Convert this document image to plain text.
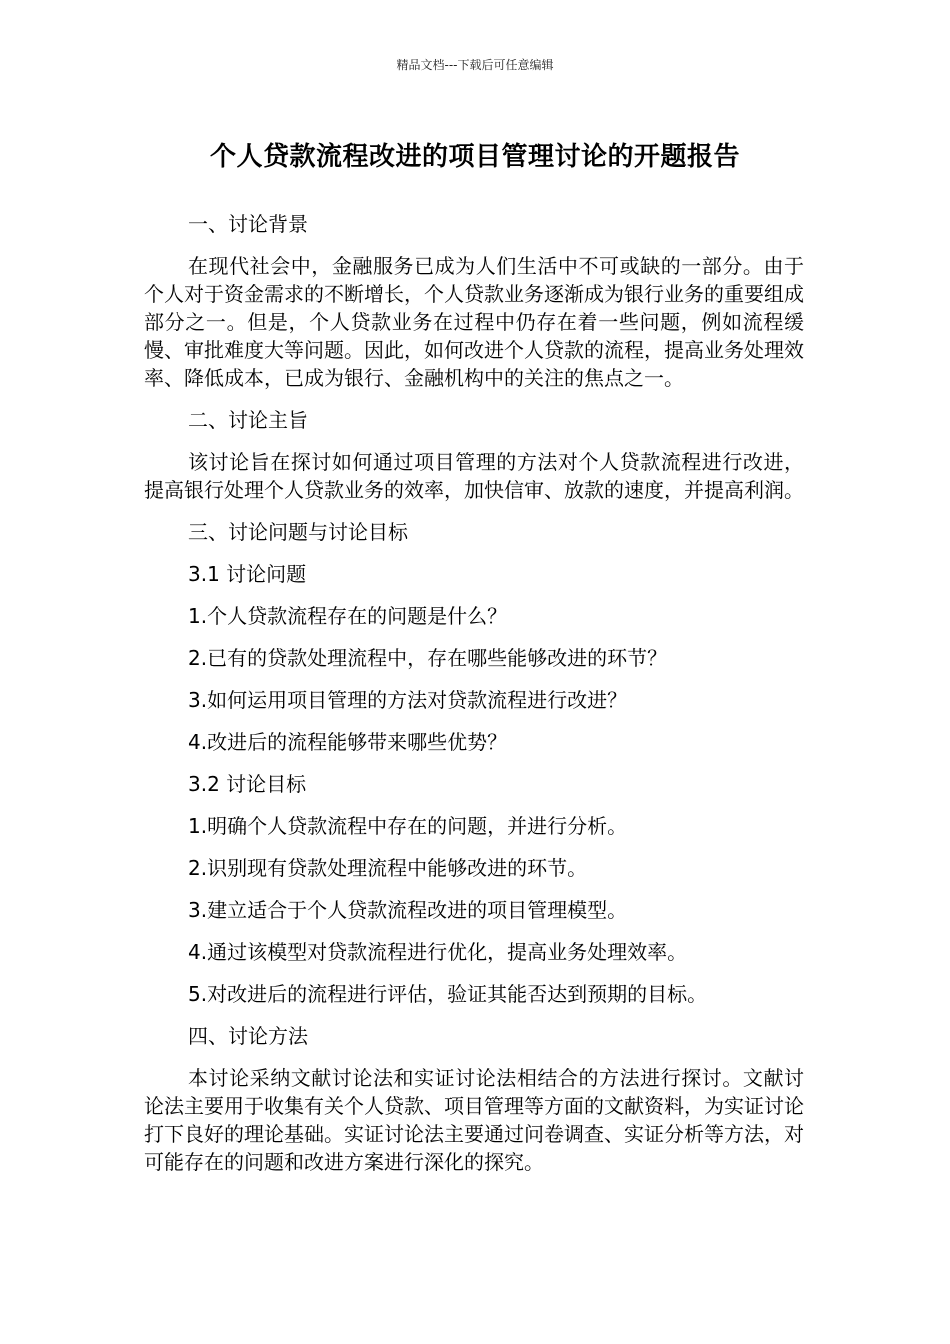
精品文档---下载后可任意编辑
个人贷款流程改进的项目管理讨论的开题报告
一、讨论背景
在现代社会中，金融服务已成为人们生活中不可或缺的一部分。由于个人对于资金需求的不断增长，个人贷款业务逐渐成为银行业务的重要组成部分之一。但是，个人贷款业务在过程中仍存在着一些问题，例如流程缓慢、审批难度大等问题。因此，如何改进个人贷款的流程，提高业务处理效率、降低成本，已成为银行、金融机构中的关注的焦点之一。
二、讨论主旨
该讨论旨在探讨如何通过项目管理的方法对个人贷款流程进行改进，提高银行处理个人贷款业务的效率，加快信审、放款的速度，并提高利润。
三、讨论问题与讨论目标
3.1 讨论问题
1.个人贷款流程存在的问题是什么？
2.已有的贷款处理流程中，存在哪些能够改进的环节？
3.如何运用项目管理的方法对贷款流程进行改进？
4.改进后的流程能够带来哪些优势？
3.2 讨论目标
1.明确个人贷款流程中存在的问题，并进行分析。
2.识别现有贷款处理流程中能够改进的环节。
3.建立适合于个人贷款流程改进的项目管理模型。
4.通过该模型对贷款流程进行优化，提高业务处理效率。
5.对改进后的流程进行评估，验证其能否达到预期的目标。
四、讨论方法
本讨论采纳文献讨论法和实证讨论法相结合的方法进行探讨。文献讨论法主要用于收集有关个人贷款、项目管理等方面的文献资料，为实证讨论打下良好的理论基础。实证讨论法主要通过问卷调查、实证分析等方法，对可能存在的问题和改进方案进行深化的探究。
